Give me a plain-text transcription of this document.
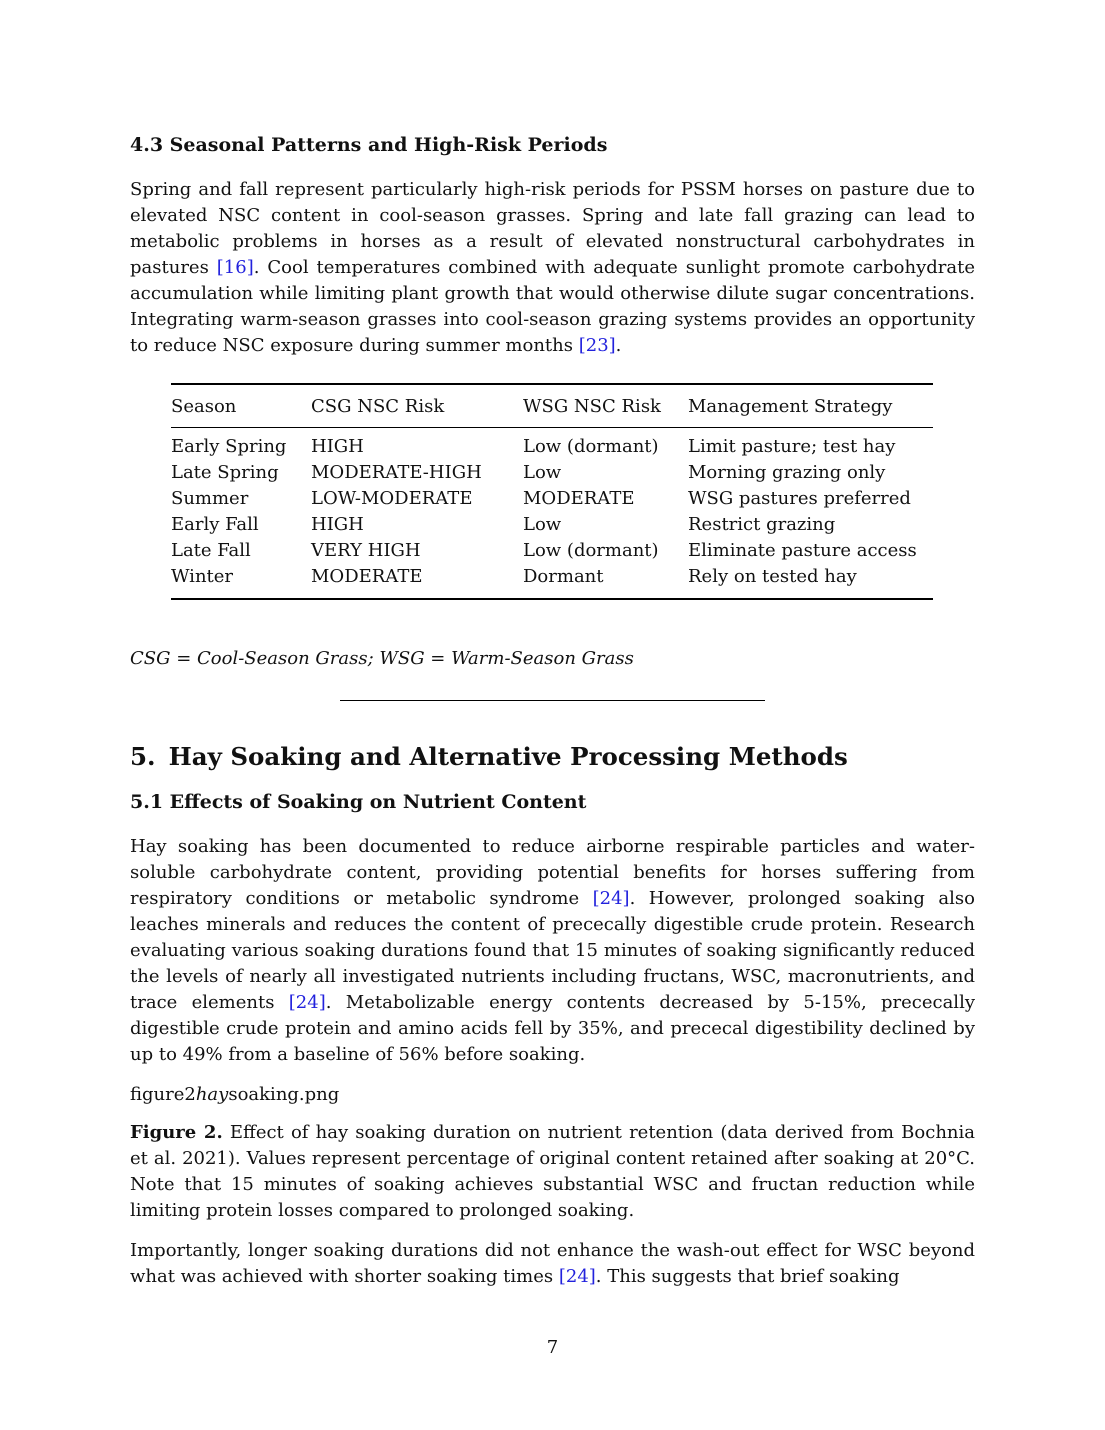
4.3 Seasonal Patterns and High-Risk Periods

Spring and fall represent particularly high-risk periods for PSSM horses on pasture due to elevated NSC content in cool-season grasses. Spring and late fall grazing can lead to metabolic problems in horses as a result of elevated nonstructural carbohydrates in pastures [16]. Cool temperatures combined with adequate sunlight promote carbohydrate accumulation while limiting plant growth that would otherwise dilute sugar concentrations. Integrating warm-season grasses into cool-season grazing systems provides an opportunity to reduce NSC exposure during summer months [23].

Season	CSG NSC Risk	WSG NSC Risk	Management Strategy
Early Spring	HIGH	Low (dormant)	Limit pasture; test hay
Late Spring	MODERATE-HIGH	Low	Morning grazing only
Summer	LOW-MODERATE	MODERATE	WSG pastures preferred
Early Fall	HIGH	Low	Restrict grazing
Late Fall	VERY HIGH	Low (dormant)	Eliminate pasture access
Winter	MODERATE	Dormant	Rely on tested hay

CSG = Cool-Season Grass; WSG = Warm-Season Grass

5. Hay Soaking and Alternative Processing Methods
5.1 Effects of Soaking on Nutrient Content

Hay soaking has been documented to reduce airborne respirable particles and water-soluble carbohydrate content, providing potential benefits for horses suffering from respiratory conditions or metabolic syndrome [24]. However, prolonged soaking also leaches minerals and reduces the content of prececally digestible crude protein. Research evaluating various soaking durations found that 15 minutes of soaking significantly reduced the levels of nearly all investigated nutrients including fructans, WSC, macronutrients, and trace elements [24]. Metabolizable energy contents decreased by 5-15%, prececally digestible crude protein and amino acids fell by 35%, and prececal digestibility declined by up to 49% from a baseline of 56% before soaking.

figure2haysoaking.png

Figure 2. Effect of hay soaking duration on nutrient retention (data derived from Bochnia et al. 2021). Values represent percentage of original content retained after soaking at 20°C. Note that 15 minutes of soaking achieves substantial WSC and fructan reduction while limiting protein losses compared to prolonged soaking.

Importantly, longer soaking durations did not enhance the wash-out effect for WSC beyond what was achieved with shorter soaking times [24]. This suggests that brief soaking

7
